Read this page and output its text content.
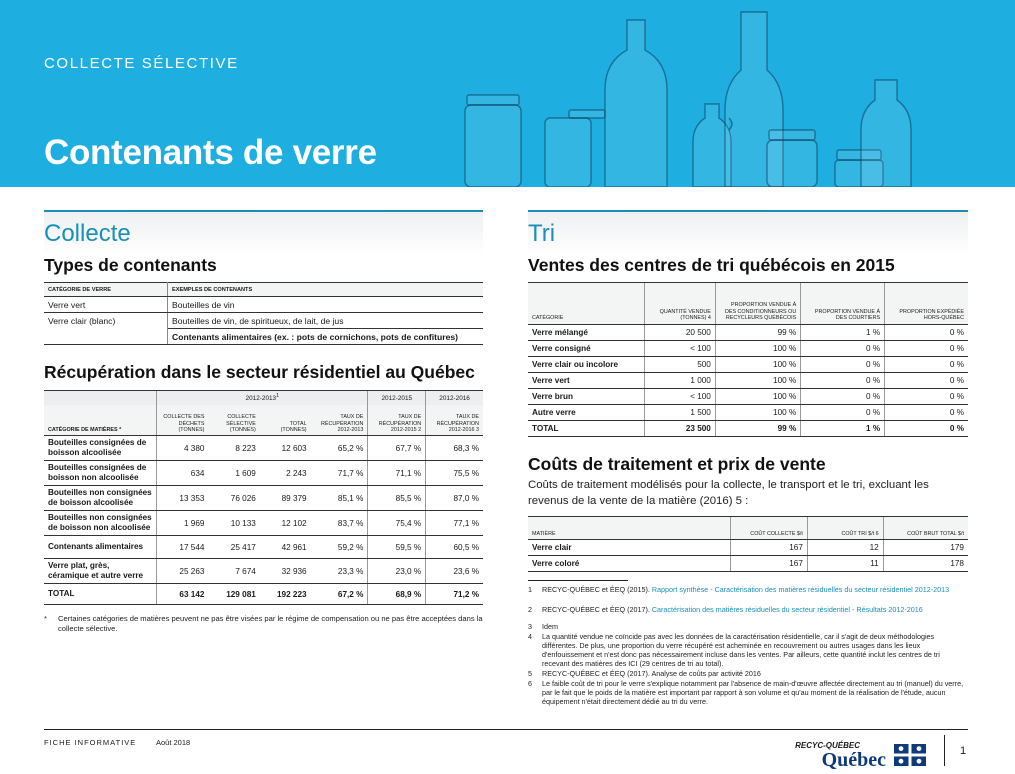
COLLECTE SÉLECTIVE
Contenants de verre
Collecte
Types de contenants
CATÉGORIE DE VERRE	EXEMPLES DE CONTENANTS
Verre vert	Bouteilles de vin
Verre clair (blanc)	Bouteilles de vin, de spiritueux, de lait, de jus
	Contenants alimentaires (ex. : pots de cornichons, pots de confitures)
Récupération dans le secteur résidentiel au Québec
	2012-2013$^1$				2012-2015	2012-2016
CATÉGORIE DE MATIÈRES *	COLLECTE DES DÉCHETS (TONNES)	COLLECTE SÉLECTIVE (TONNES)	TOTAL (TONNES)	TAUX DE RÉCUPÉRATION 2012-2013	TAUX DE RÉCUPÉRATION 2012-2015 2	TAUX DE RÉCUPÉRATION 2012-2016 3
Bouteilles consignées de boisson alcoolisée	4 380	8 223	12 603	65,2 %	67,7 %	68,3 %
Bouteilles consignées de boisson non alcoolisée	634	1 609	2 243	71,7 %	71,1 %	75,5 %
Bouteilles non consignées de boisson alcoolisée	13 353	76 026	89 379	85,1 %	85,5 %	87,0 %
Bouteilles non consignées de boisson non alcoolisée	1 969	10 133	12 102	83,7 %	75,4 %	77,1 %
Contenants alimentaires	17 544	25 417	42 961	59,2 %	59,5 %	60,5 %
Verre plat, grès, céramique et autre verre	25 263	7 674	32 936	23,3 %	23,0 %	23,6 %
TOTAL	63 142	129 081	192 223	67,2 %	68,9 %	71,2 %
* Certaines catégories de matières peuvent ne pas être visées par le régime de compensation ou ne pas être acceptées dans la collecte sélective.
Tri
Ventes des centres de tri québécois en 2015
CATÉGORIE	QUANTITÉ VENDUE (TONNES) 4	PROPORTION VENDUE À DES CONDITIONNEURS OU RECYCLEURS QUÉBÉCOIS	PROPORTION VENDUE À DES COURTIERS	PROPORTION EXPÉDIÉE HORS-QUÉBEC
Verre mélangé	20 500	99 %	1 %	0 %
Verre consigné	< 100	100 %	0 %	0 %
Verre clair ou incolore	500	100 %	0 %	0 %
Verre vert	1 000	100 %	0 %	0 %
Verre brun	< 100	100 %	0 %	0 %
Autre verre	1 500	100 %	0 %	0 %
TOTAL	23 500	99 %	1 %	0 %
Coûts de traitement et prix de vente
Coûts de traitement modélisés pour la collecte, le transport et le tri, excluant les revenus de la vente de la matière (2016) 5 :
MATIÈRE	COÛT COLLECTE $/t	COÛT TRI $/t 6	COÛT BRUT TOTAL $/t
Verre clair	167	12	179
Verre coloré	167	11	178
1 RECYC-QUÉBEC et ÉEQ (2015). Rapport synthèse - Caractérisation des matières résiduelles du secteur résidentiel 2012-2013
2 RECYC-QUÉBEC et ÉEQ (2017). Caractérisation des matières résiduelles du secteur résidentiel - Résultats 2012-2016
3 Idem
4 La quantité vendue ne coïncide pas avec les données de la caractérisation résidentielle, car il s'agit de deux méthodologies différentes. De plus, une proportion du verre récupéré est acheminée en recouvrement ou autres usages dans les lieux d'enfouissement et n'est donc pas nécessairement incluse dans les ventes. Par ailleurs, cette quantité inclut les centres de tri recevant des matières des ICI (29 centres de tri au total).
5 RECYC-QUÉBEC et ÉEQ (2017). Analyse de coûts par activité 2016
6 Le faible coût de tri pour le verre s'explique notamment par l'absence de main-d'œuvre affectée directement au tri (manuel) du verre, par le fait que le poids de la matière est important par rapport à son volume et qu'au moment de la réalisation de l'étude, aucun équipement n'était directement dédié au tri du verre.
FICHE INFORMATIVE	Août 2018	RECYC-QUÉBEC
Québec	1
